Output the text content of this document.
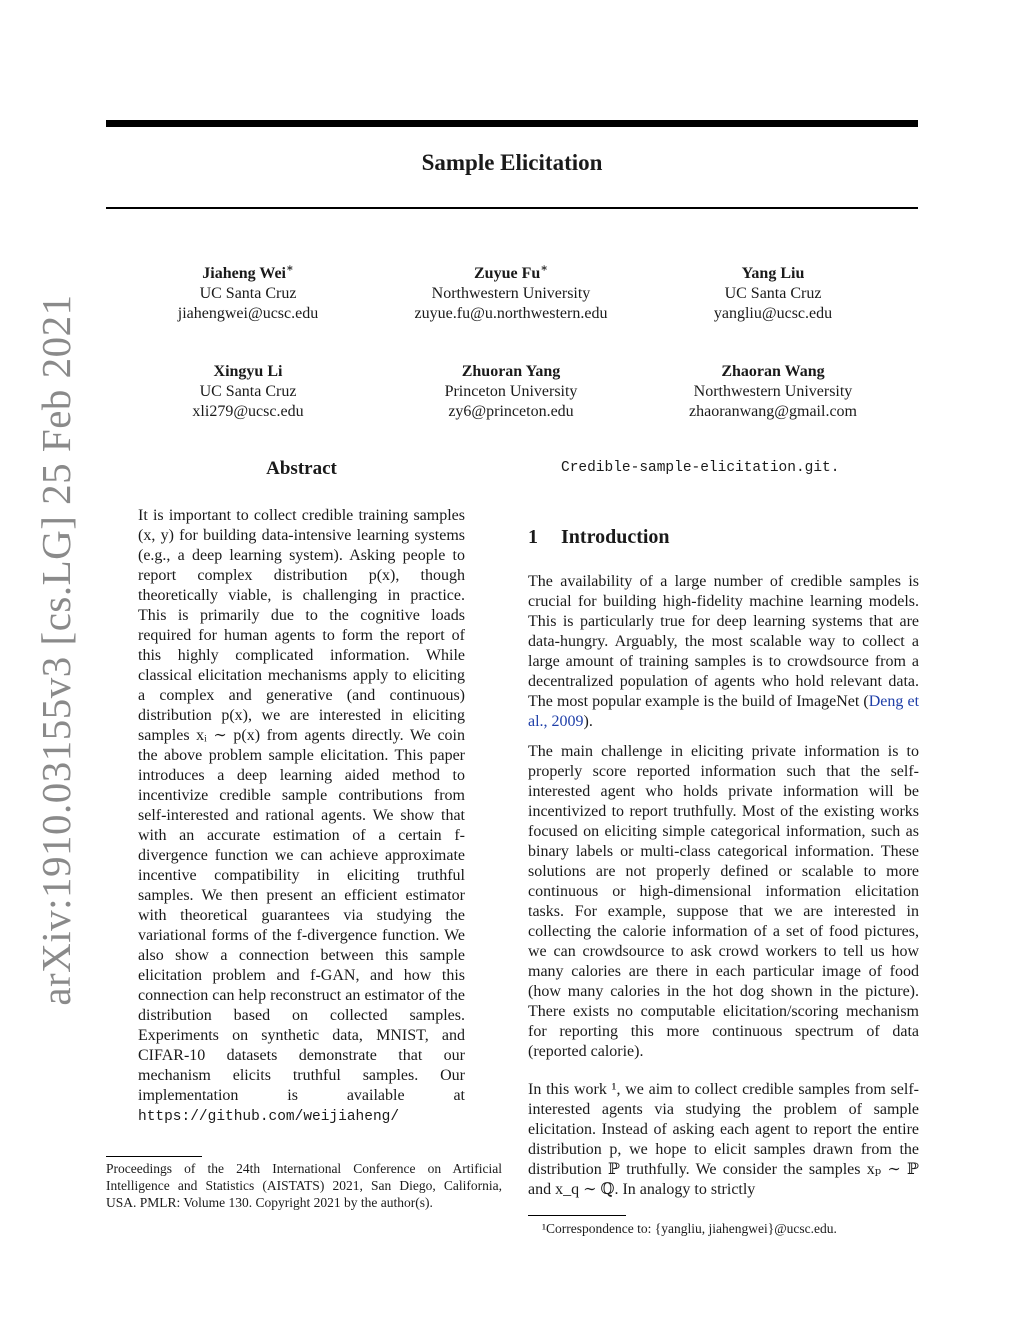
arXiv:1910.03155v3 [cs.LG] 25 Feb 2021
Sample Elicitation
Jiaheng Wei∗
UC Santa Cruz
jiahengwei@ucsc.edu
Zuyue Fu∗
Northwestern University
zuyue.fu@u.northwestern.edu
Yang Liu
UC Santa Cruz
yangliu@ucsc.edu
Xingyu Li
UC Santa Cruz
xli279@ucsc.edu
Zhuoran Yang
Princeton University
zy6@princeton.edu
Zhaoran Wang
Northwestern University
zhaoranwang@gmail.com
Abstract

It is important to collect credible training samples (x, y) for building data-intensive learning systems (e.g., a deep learning system). Asking people to report complex distribution p(x), though theoretically viable, is challenging in practice. This is primarily due to the cognitive loads required for human agents to form the report of this highly complicated information. While classical elicitation mechanisms apply to eliciting a complex and generative (and continuous) distribution p(x), we are interested in eliciting samples xᵢ ∼ p(x) from agents directly. We coin the above problem sample elicitation. This paper introduces a deep learning aided method to incentivize credible sample contributions from self-interested and rational agents. We show that with an accurate estimation of a certain f-divergence function we can achieve approximate incentive compatibility in eliciting truthful samples. We then present an efficient estimator with theoretical guarantees via studying the variational forms of the f-divergence function. We also show a connection between this sample elicitation problem and f-GAN, and how this connection can help reconstruct an estimator of the distribution based on collected samples. Experiments on synthetic data, MNIST, and CIFAR-10 datasets demonstrate that our mechanism elicits truthful samples. Our implementation is available at https://github.com/weijiaheng/

Proceedings of the 24th International Conference on Artificial Intelligence and Statistics (AISTATS) 2021, San Diego, California, USA. PMLR: Volume 130. Copyright 2021 by the author(s).
Credible-sample-elicitation.git.
1 Introduction

The availability of a large number of credible samples is crucial for building high-fidelity machine learning models. This is particularly true for deep learning systems that are data-hungry. Arguably, the most scalable way to collect a large amount of training samples is to crowdsource from a decentralized population of agents who hold relevant data. The most popular example is the build of ImageNet (Deng et al., 2009).

The main challenge in eliciting private information is to properly score reported information such that the self-interested agent who holds private information will be incentivized to report truthfully. Most of the existing works focused on eliciting simple categorical information, such as binary labels or multi-class categorical information. These solutions are not properly defined or scalable to more continuous or high-dimensional information elicitation tasks. For example, suppose that we are interested in collecting the calorie information of a set of food pictures, we can crowdsource to ask crowd workers to tell us how many calories are there in each particular image of food (how many calories in the hot dog shown in the picture). There exists no computable elicitation/scoring mechanism for reporting this more continuous spectrum of data (reported calorie).

In this work ¹, we aim to collect credible samples from self-interested agents via studying the problem of sample elicitation. Instead of asking each agent to report the entire distribution p, we hope to elicit samples drawn from the distribution ℙ truthfully. We consider the samples xₚ ∼ ℙ and x_q ∼ ℚ. In analogy to strictly

¹Correspondence to: {yangliu, jiahengwei}@ucsc.edu.
